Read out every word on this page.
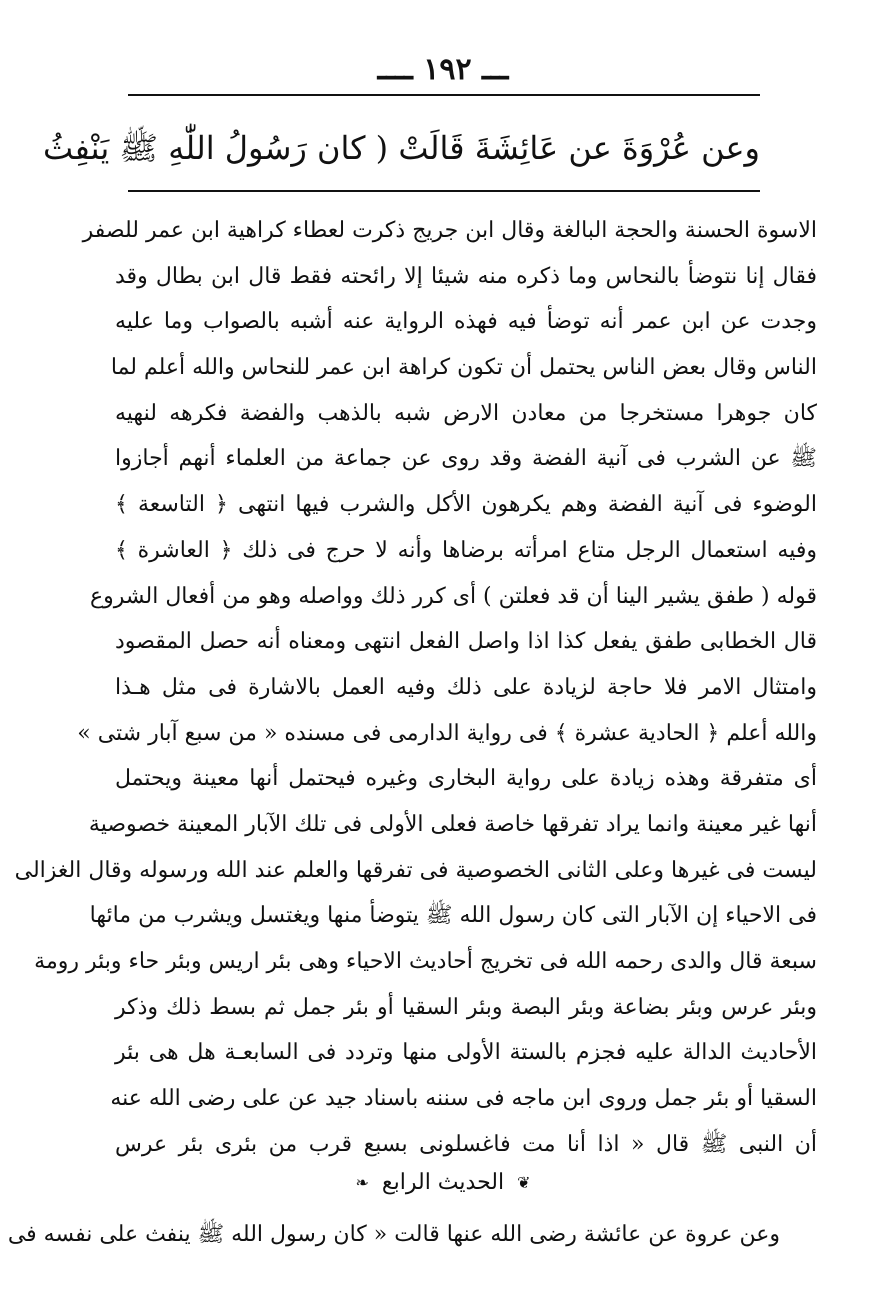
ـــ ١٩٢ ــــ
وعن عُرْوَةَ عن عَائِشَةَ قَالَتْ ( كان رَسُولُ اللّٰهِ ﷺ يَنْفِثُ
الاسوة الحسنة والحجة البالغة وقال ابن جريج ذكرت لعطاء كراهية ابن عمر للصفر
فقال إنا نتوضأ بالنحاس وما ذكره منه شيئا إلا رائحته فقط قال ابن بطال وقد
وجدت عن ابن عمر أنه توضأ فيه فهذه الرواية عنه أشبه بالصواب وما عليه
الناس وقال بعض الناس يحتمل أن تكون كراهة ابن عمر للنحاس والله أعلم لما
كان جوهرا مستخرجا من معادن الارض شبه بالذهب والفضة فكرهه لنهيه
ﷺ عن الشرب فى آنية الفضة وقد روى عن جماعة من العلماء أنهم أجازوا
الوضوء فى آنية الفضة وهم يكرهون الأكل والشرب فيها انتهى ﴿ التاسعة ﴾
وفيه استعمال الرجل متاع امرأته برضاها وأنه لا حرج فى ذلك ﴿ العاشرة ﴾
قوله ( طفق يشير الينا أن قد فعلتن ) أى كرر ذلك وواصله وهو من أفعال الشروع
قال الخطابى طفق يفعل كذا اذا واصل الفعل انتهى ومعناه أنه حصل المقصود
وامتثال الامر فلا حاجة لزيادة على ذلك وفيه العمل بالاشارة فى مثل هـذا
والله أعلم ﴿ الحادية عشرة ﴾ فى رواية الدارمى فى مسنده « من سبع آبار شتى »
أى متفرقة وهذه زيادة على رواية البخارى وغيره فيحتمل أنها معينة ويحتمل
أنها غير معينة وانما يراد تفرقها خاصة فعلى الأولى فى تلك الآبار المعينة خصوصية
ليست فى غيرها وعلى الثانى الخصوصية فى تفرقها والعلم عند الله ورسوله وقال الغزالى
فى الاحياء إن الآبار التى كان رسول الله ﷺ يتوضأ منها ويغتسل ويشرب من مائها
سبعة قال والدى رحمه الله فى تخريج أحاديث الاحياء وهى بئر اريس وبئر حاء وبئر رومة
وبئر عرس وبئر بضاعة وبئر البصة وبئر السقيا أو بئر جمل ثم بسط ذلك وذكر
الأحاديث الدالة عليه فجزم بالستة الأولى منها وتردد فى السابعـة هل هى بئر
السقيا أو بئر جمل وروى ابن ماجه فى سننه باسناد جيد عن على رضى الله عنه
أن النبى ﷺ قال « اذا أنا مت فاغسلونى بسبع قرب من بئرى بئر عرس
❦ الحديث الرابع ❧
وعن عروة عن عائشة رضى الله عنها قالت « كان رسول الله ﷺ ينفث على نفسه فى
